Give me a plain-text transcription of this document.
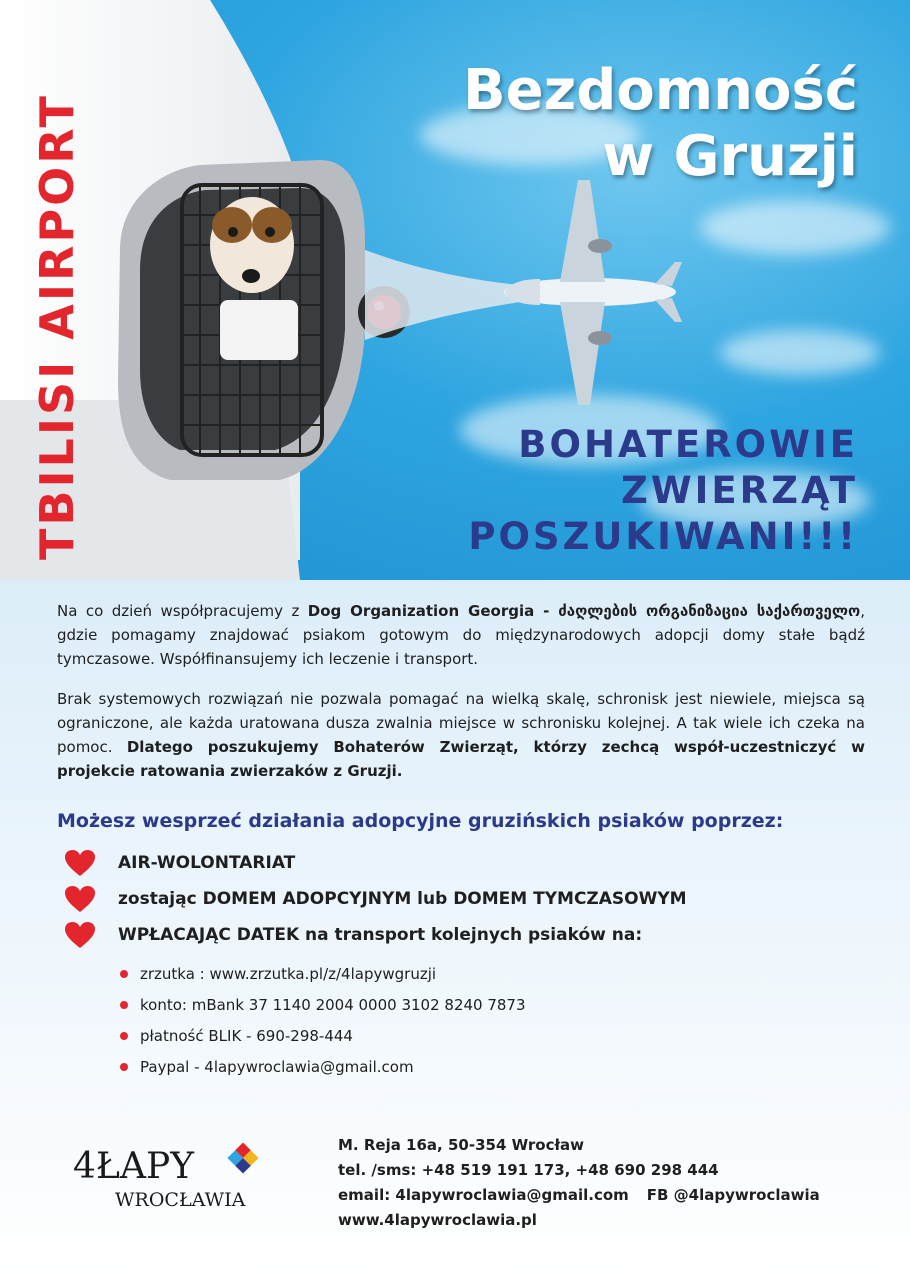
TBILISI AIRPORT
Bezdomność
w Gruzji
BOHATEROWIE
ZWIERZĄT
POSZUKIWANI!!!
Na co dzień współpracujemy z Dog Organization Georgia - ძაღლების ორგანიზაცია საქართველო, gdzie pomagamy znajdować psiakom gotowym do międzynarodowych adopcji domy stałe bądź tymczasowe. Współfinansujemy ich leczenie i transport.
Brak systemowych rozwiązań nie pozwala pomagać na wielką skalę, schronisk jest niewiele, miejsca są ograniczone, ale każda uratowana dusza zwalnia miejsce w schronisku kolejnej. A tak wiele ich czeka na pomoc. Dlatego poszukujemy Bohaterów Zwierząt, którzy zechcą współ-uczestniczyć w projekcie ratowania zwierzaków z Gruzji.
Możesz wesprzeć działania adopcyjne gruzińskich psiaków poprzez:
AIR-WOLONTARIAT
zostając DOMEM ADOPCYJNYM lub DOMEM TYMCZASOWYM
WPŁACAJĄC DATEK na transport kolejnych psiaków na:
zrzutka : www.zrzutka.pl/z/4lapywgruzji
konto: mBank 37 1140 2004 0000 3102 8240 7873
płatność BLIK - 690-298-444
Paypal - 4lapywroclawia@gmail.com
4ŁAPY
WROCŁAWIA
M. Reja 16a, 50-354 Wrocław
tel. /sms: +48 519 191 173, +48 690 298 444
email: 4lapywroclawia@gmail.com FB @4lapywroclawia
www.4lapywroclawia.pl
